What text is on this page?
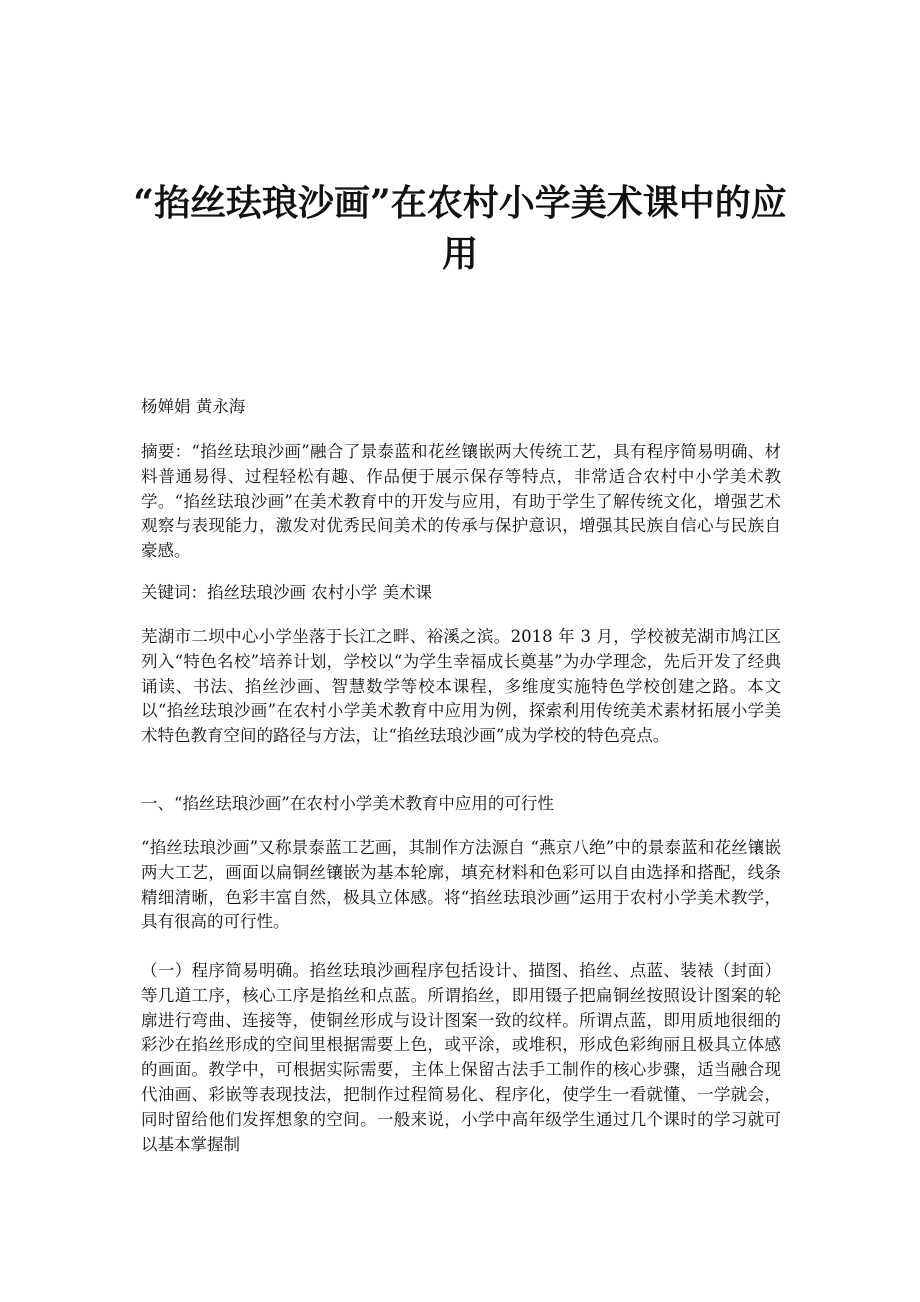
“掐丝珐琅沙画”在农村小学美术课中的应用

杨婵娟 黄永海

摘要：“掐丝珐琅沙画”融合了景泰蓝和花丝镶嵌两大传统工艺，具有程序简易明确、材料普通易得、过程轻松有趣、作品便于展示保存等特点，非常适合农村中小学美术教学。“掐丝珐琅沙画”在美术教育中的开发与应用，有助于学生了解传统文化，增强艺术观察与表现能力，激发对优秀民间美术的传承与保护意识，增强其民族自信心与民族自豪感。

关键词：掐丝珐琅沙画 农村小学 美术课

芜湖市二坝中心小学坐落于长江之畔、裕溪之滨。2018 年 3 月，学校被芜湖市鸠江区列入“特色名校”培养计划，学校以“为学生幸福成长奠基”为办学理念，先后开发了经典诵读、书法、掐丝沙画、智慧数学等校本课程，多维度实施特色学校创建之路。本文以“掐丝珐琅沙画”在农村小学美术教育中应用为例，探索利用传统美术素材拓展小学美术特色教育空间的路径与方法，让“掐丝珐琅沙画”成为学校的特色亮点。

一、“掐丝珐琅沙画”在农村小学美术教育中应用的可行性

“掐丝珐琅沙画”又称景泰蓝工艺画，其制作方法源自 “燕京八绝”中的景泰蓝和花丝镶嵌两大工艺，画面以扁铜丝镶嵌为基本轮廓，填充材料和色彩可以自由选择和搭配，线条精细清晰，色彩丰富自然，极具立体感。将“掐丝珐琅沙画”运用于农村小学美术教学，具有很高的可行性。

（一）程序简易明确。掐丝珐琅沙画程序包括设计、描图、掐丝、点蓝、装裱（封面）等几道工序，核心工序是掐丝和点蓝。所谓掐丝，即用镊子把扁铜丝按照设计图案的轮廓进行弯曲、连接等，使铜丝形成与设计图案一致的纹样。所谓点蓝，即用质地很细的彩沙在掐丝形成的空间里根据需要上色，或平涂，或堆积，形成色彩绚丽且极具立体感的画面。教学中，可根据实际需要，主体上保留古法手工制作的核心步骤，适当融合现代油画、彩嵌等表现技法，把制作过程简易化、程序化，使学生一看就懂、一学就会，同时留给他们发挥想象的空间。一般来说，小学中高年级学生通过几个课时的学习就可以基本掌握制
